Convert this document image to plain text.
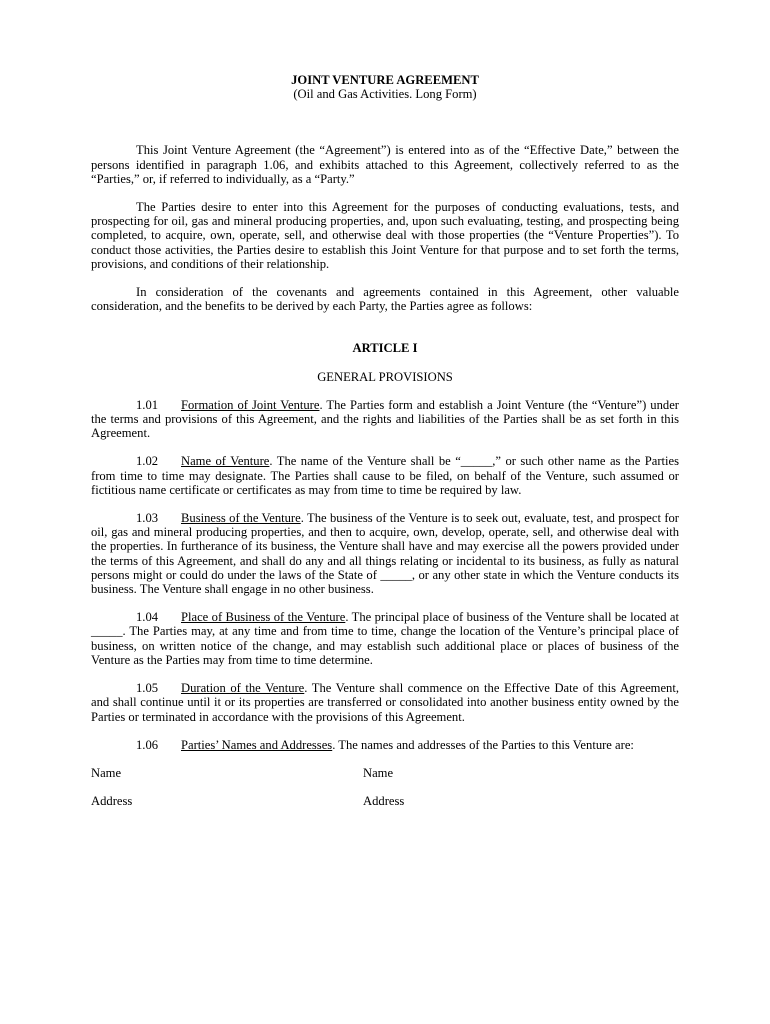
JOINT VENTURE AGREEMENT
(Oil and Gas Activities. Long Form)

This Joint Venture Agreement (the “Agreement”) is entered into as of the “Effective Date,” between the persons identified in paragraph 1.06, and exhibits attached to this Agreement, collectively referred to as the “Parties,” or, if referred to individually, as a “Party.”

The Parties desire to enter into this Agreement for the purposes of conducting evaluations, tests, and prospecting for oil, gas and mineral producing properties, and, upon such evaluating, testing, and prospecting being completed, to acquire, own, operate, sell, and otherwise deal with those properties (the “Venture Properties”). To conduct those activities, the Parties desire to establish this Joint Venture for that purpose and to set forth the terms, provisions, and conditions of their relationship.

In consideration of the covenants and agreements contained in this Agreement, other valuable consideration, and the benefits to be derived by each Party, the Parties agree as follows:

ARTICLE I
GENERAL PROVISIONS

1.01 Formation of Joint Venture. The Parties form and establish a Joint Venture (the “Venture”) under the terms and provisions of this Agreement, and the rights and liabilities of the Parties shall be as set forth in this Agreement.

1.02 Name of Venture. The name of the Venture shall be “_____,” or such other name as the Parties from time to time may designate. The Parties shall cause to be filed, on behalf of the Venture, such assumed or fictitious name certificate or certificates as may from time to time be required by law.

1.03 Business of the Venture. The business of the Venture is to seek out, evaluate, test, and prospect for oil, gas and mineral producing properties, and then to acquire, own, develop, operate, sell, and otherwise deal with the properties. In furtherance of its business, the Venture shall have and may exercise all the powers provided under the terms of this Agreement, and shall do any and all things relating or incidental to its business, as fully as natural persons might or could do under the laws of the State of _____, or any other state in which the Venture conducts its business. The Venture shall engage in no other business.

1.04 Place of Business of the Venture. The principal place of business of the Venture shall be located at _____. The Parties may, at any time and from time to time, change the location of the Venture’s principal place of business, on written notice of the change, and may establish such additional place or places of business of the Venture as the Parties may from time to time determine.

1.05 Duration of the Venture. The Venture shall commence on the Effective Date of this Agreement, and shall continue until it or its properties are transferred or consolidated into another business entity owned by the Parties or terminated in accordance with the provisions of this Agreement.

1.06 Parties’ Names and Addresses. The names and addresses of the Parties to this Venture are:

Name	Name
Address	Address
